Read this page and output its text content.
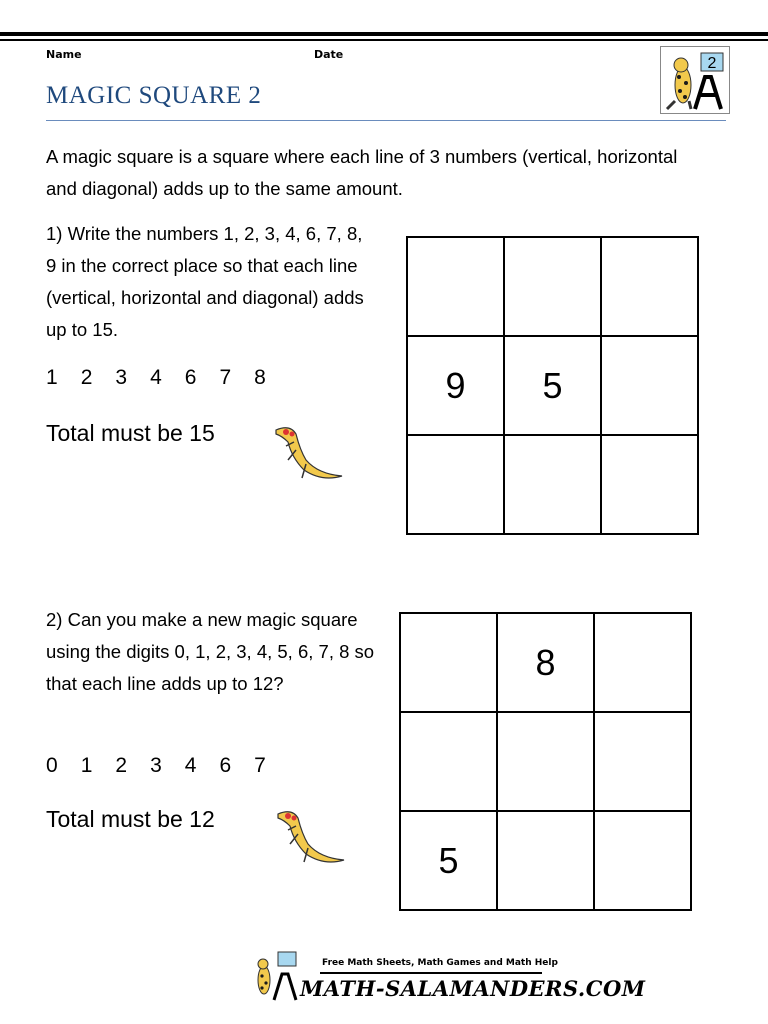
Name	Date
2
MAGIC SQUARE 2
A magic square is a square where each line of 3 numbers (vertical, horizontal and diagonal) adds up to the same amount.
1) Write the numbers 1, 2, 3, 4, 6, 7, 8, 9 in the correct place so that each line (vertical, horizontal and diagonal) adds up to 15.
1 2 3 4 6 7 8
Total must be 15

9	5	

2) Can you make a new magic square using the digits 0, 1, 2, 3, 4, 5, 6, 7, 8 so that each line adds up to 12?
0 1 2 3 4 6 7
Total must be 12
	8	

5		
Free Math Sheets, Math Games and Math Help
MATH-SALAMANDERS.COM
